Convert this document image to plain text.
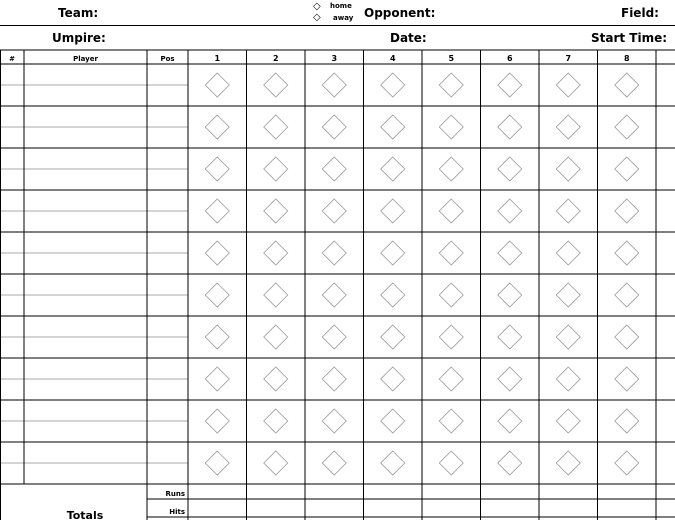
Team:	◇ home
◇ away Opponent:	Field:
Umpire:	Date:	Start Time:
#	Player	Pos	1	2	3	4	5	6	7	8
Totals
Runs
Hits
